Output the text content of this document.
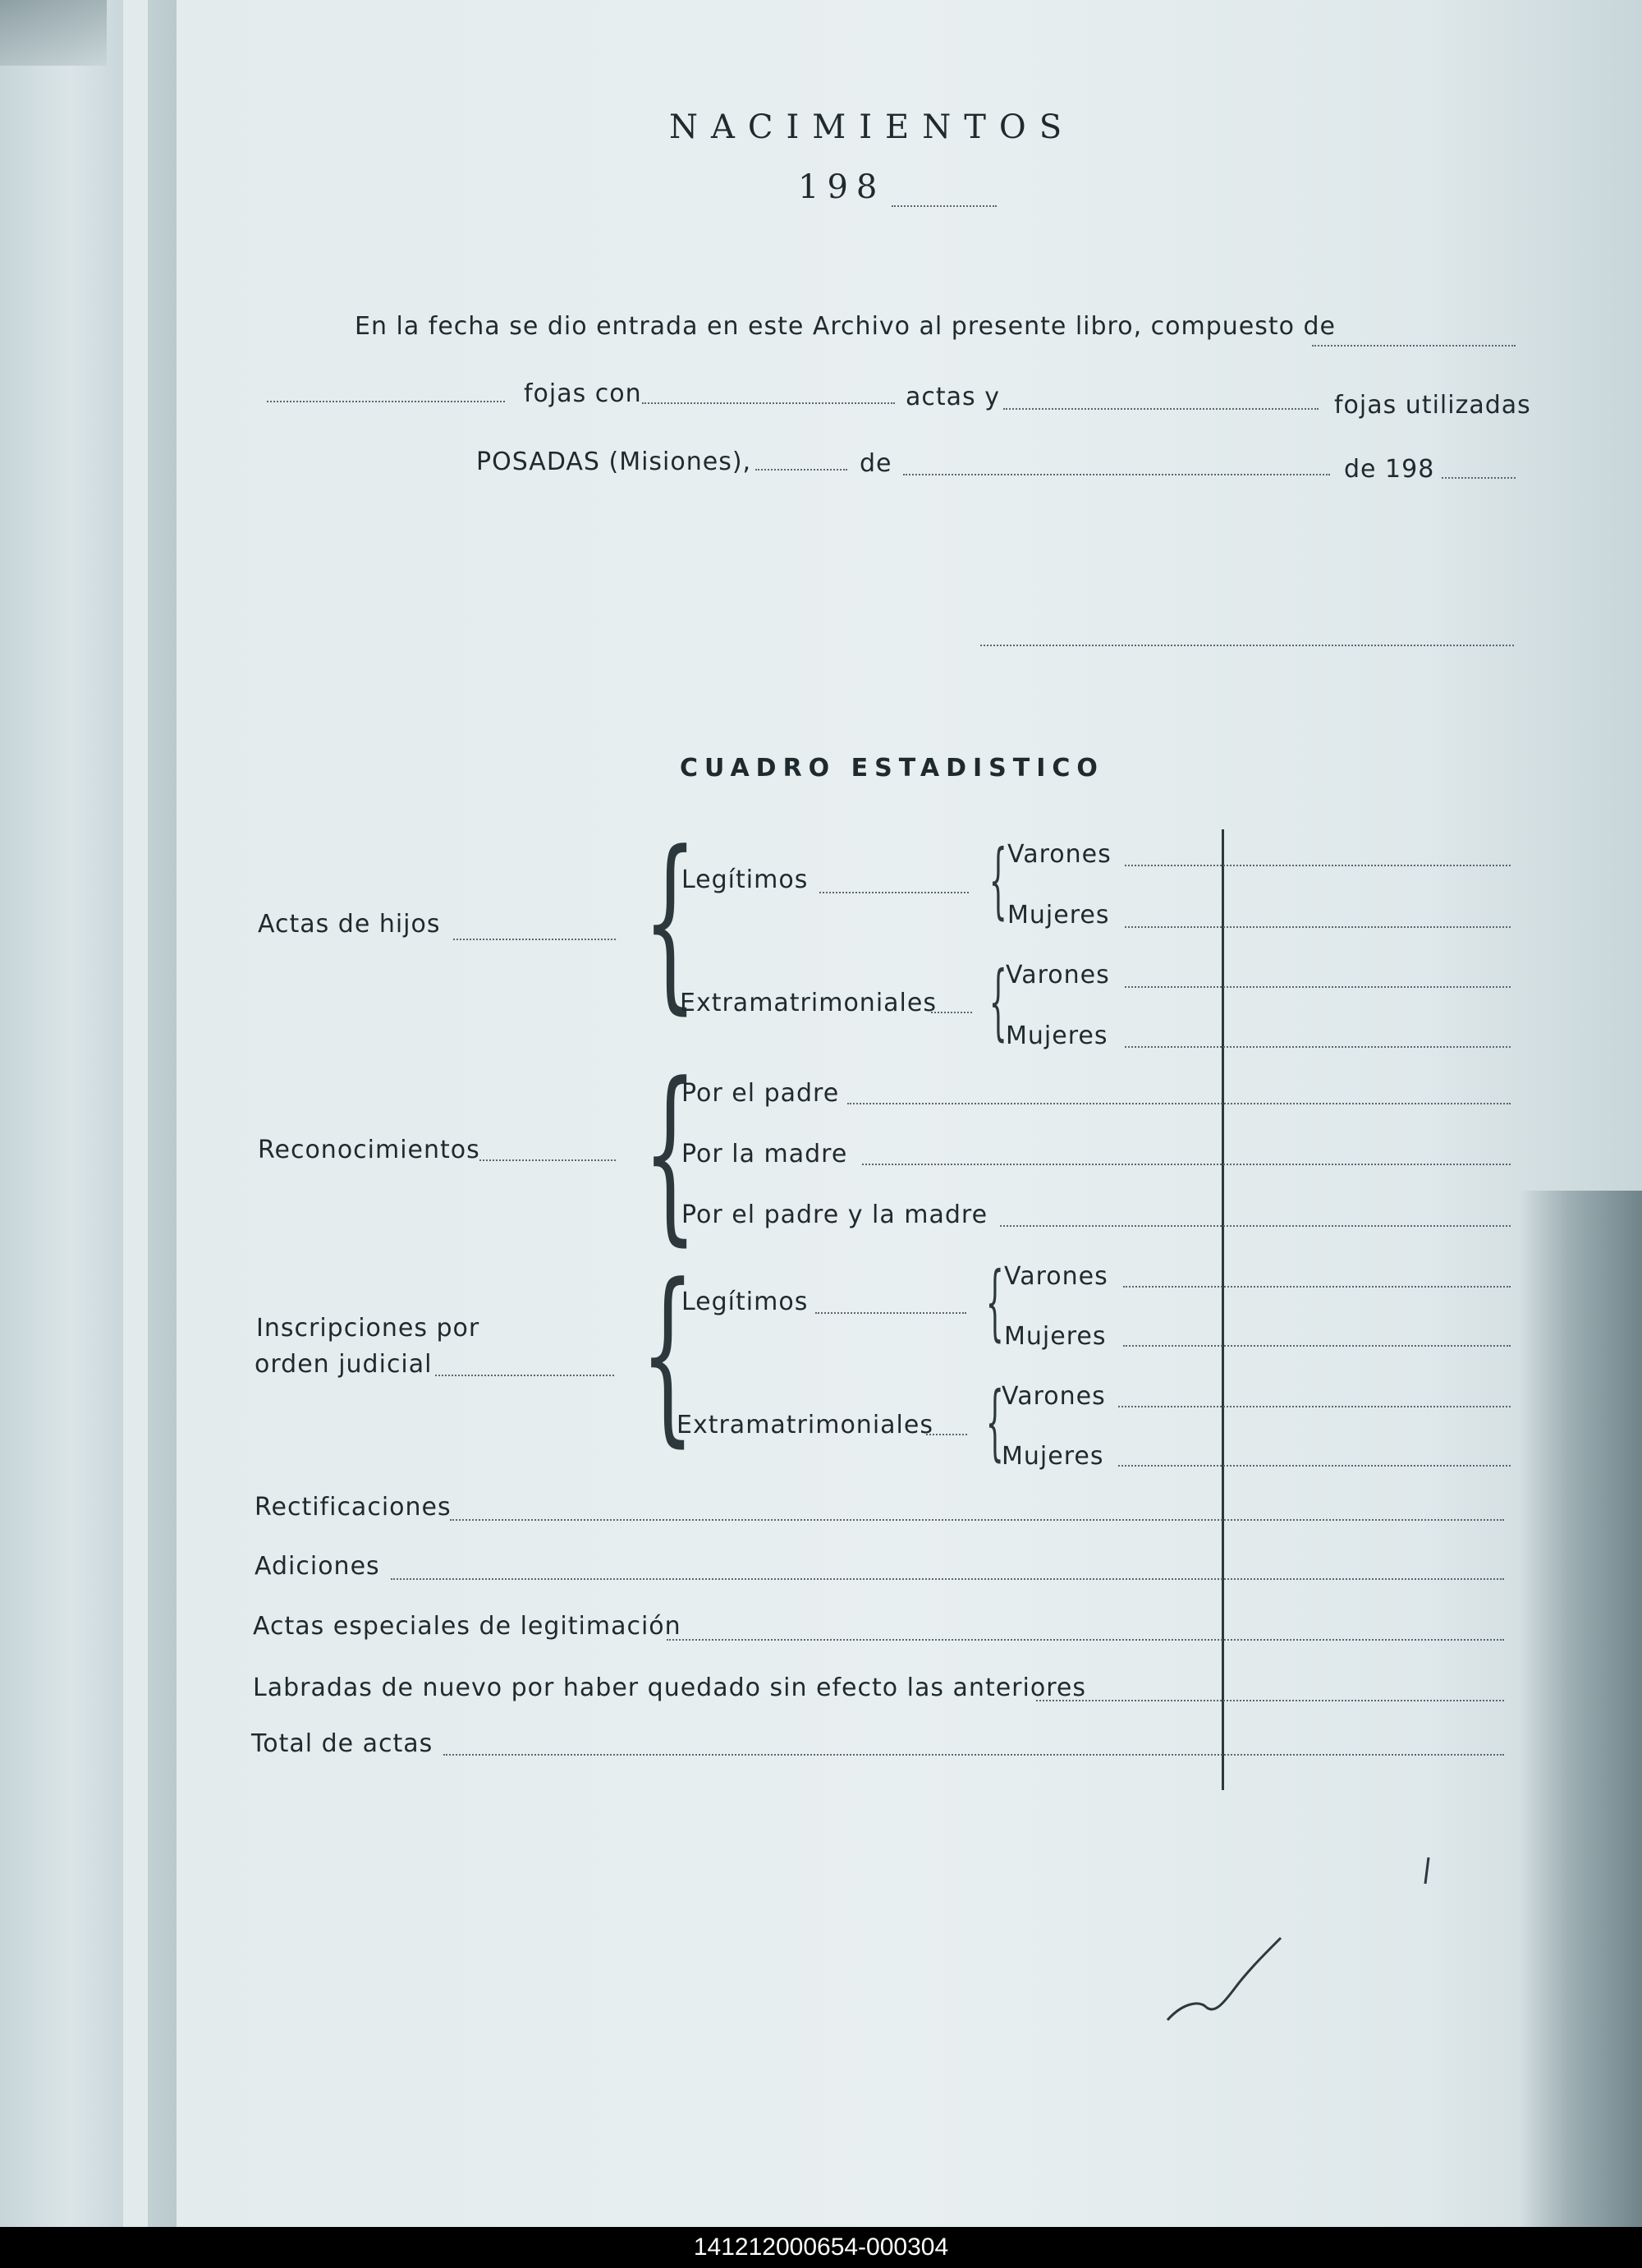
NACIMIENTOS
198
En la fecha se dio entrada en este Archivo al presente libro, compuesto de
fojas con	actas y	fojas utilizadas
POSADAS (Misiones),	de	de 198
CUADRO ESTADISTICO
{
Actas de hijos
Legítimos { Varones
Mujeres
Extramatrimoniales {
Varones
Mujeres
{
Reconocimientos
Por el padre
Por la madre
Por el padre y la madre
{
Inscripciones por
orden judicial
Legítimos { Varones
Mujeres
Extramatrimoniales {
Varones
Mujeres
Rectificaciones
Adiciones
Actas especiales de legitimación
Labradas de nuevo por haber quedado sin efecto las anteriores
Total de actas
141212000654-000304
